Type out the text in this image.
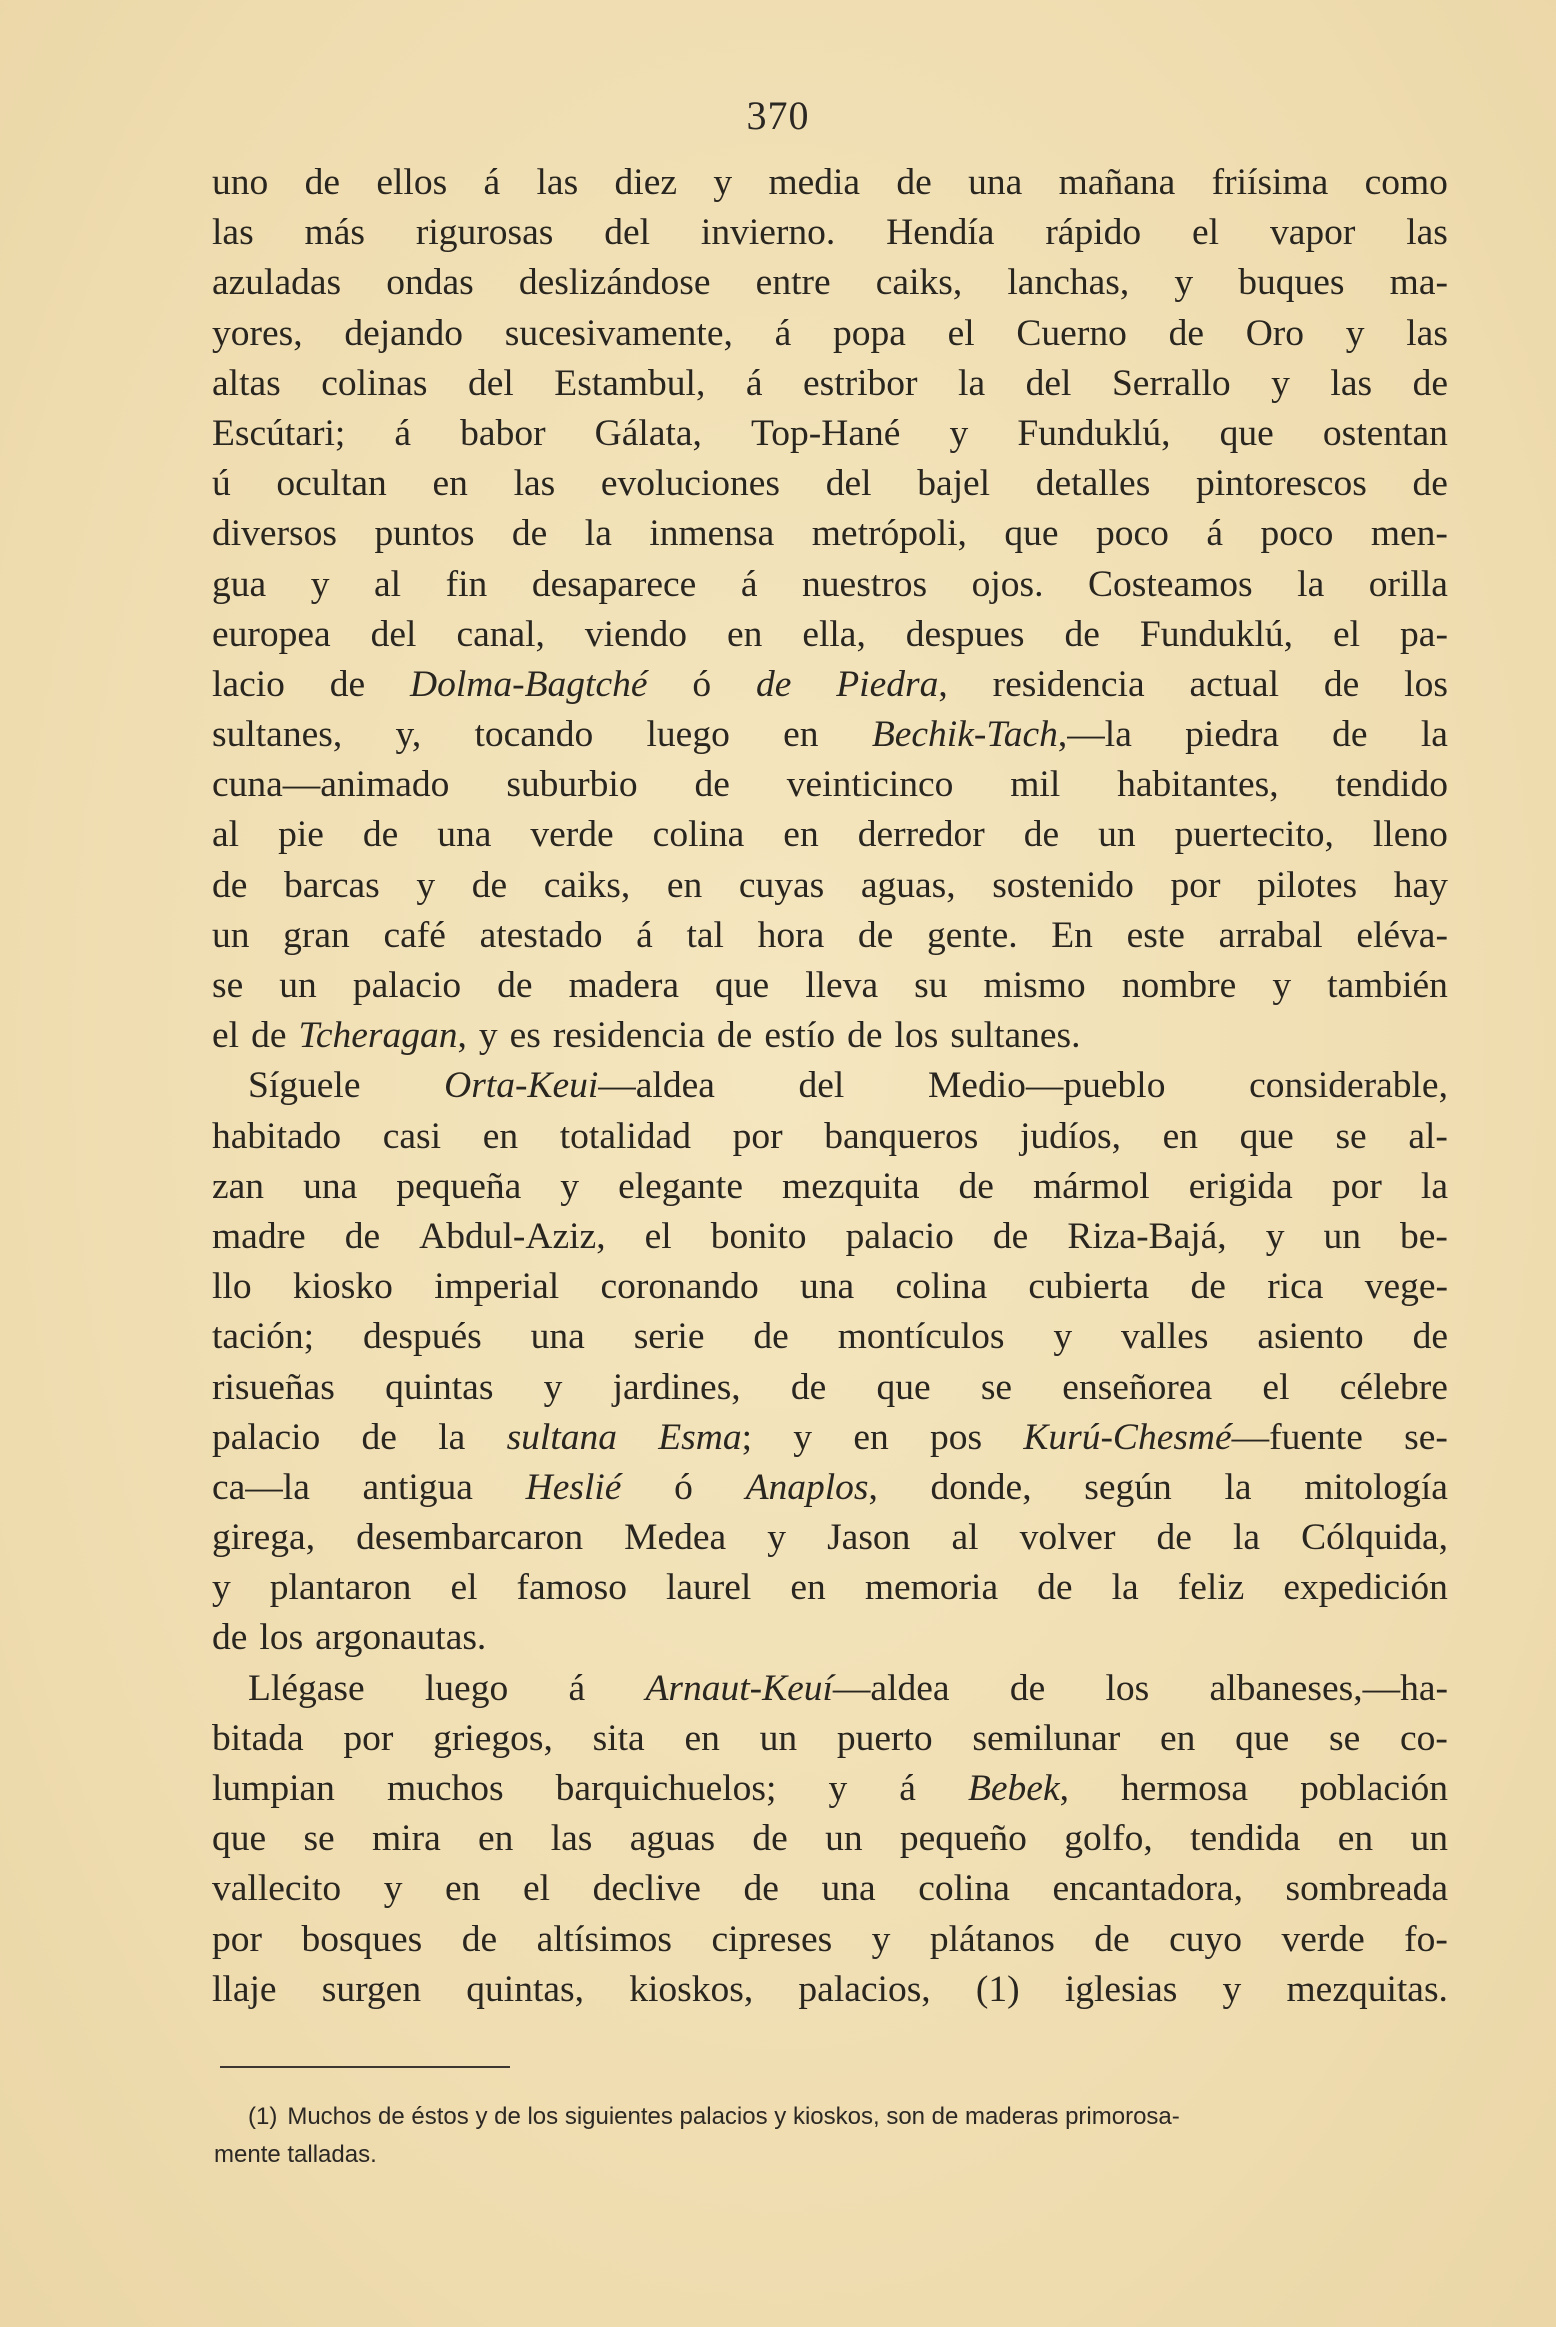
370
uno de ellos á las diez y media de una mañana friísima como
las más rigurosas del invierno. Hendía rápido el vapor las
azuladas ondas deslizándose entre caiks, lanchas, y buques ma-
yores, dejando sucesivamente, á popa el Cuerno de Oro y las
altas colinas del Estambul, á estribor la del Serrallo y las de
Escútari; á babor Gálata, Top-Hané y Funduklú, que ostentan
ú ocultan en las evoluciones del bajel detalles pintorescos de
diversos puntos de la inmensa metrópoli, que poco á poco men-
gua y al fin desaparece á nuestros ojos. Costeamos la orilla
europea del canal, viendo en ella, despues de Funduklú, el pa-
lacio de Dolma-Bagtché ó de Piedra, residencia actual de los
sultanes, y, tocando luego en Bechik-Tach,—la piedra de la
cuna—animado suburbio de veinticinco mil habitantes, tendido
al pie de una verde colina en derredor de un puertecito, lleno
de barcas y de caiks, en cuyas aguas, sostenido por pilotes hay
un gran café atestado á tal hora de gente. En este arrabal eléva-
se un palacio de madera que lleva su mismo nombre y también
el de Tcheragan, y es residencia de estío de los sultanes.
Síguele Orta-Keui—aldea del Medio—pueblo considerable,
habitado casi en totalidad por banqueros judíos, en que se al-
zan una pequeña y elegante mezquita de mármol erigida por la
madre de Abdul-Aziz, el bonito palacio de Riza-Bajá, y un be-
llo kiosko imperial coronando una colina cubierta de rica vege-
tación; después una serie de montículos y valles asiento de
risueñas quintas y jardines, de que se enseñorea el célebre
palacio de la sultana Esma; y en pos Kurú-Chesmé—fuente se-
ca—la antigua Heslié ó Anaplos, donde, según la mitología
girega, desembarcaron Medea y Jason al volver de la Cólquida,
y plantaron el famoso laurel en memoria de la feliz expedición
de los argonautas.
Llégase luego á Arnaut-Keuí—aldea de los albaneses,—ha-
bitada por griegos, sita en un puerto semilunar en que se co-
lumpian muchos barquichuelos; y á Bebek, hermosa población
que se mira en las aguas de un pequeño golfo, tendida en un
vallecito y en el declive de una colina encantadora, sombreada
por bosques de altísimos cipreses y plátanos de cuyo verde fo-
llaje surgen quintas, kioskos, palacios, (1) iglesias y mezquitas.
(1) Muchos de éstos y de los siguientes palacios y kioskos, son de maderas primorosa-
mente talladas.
